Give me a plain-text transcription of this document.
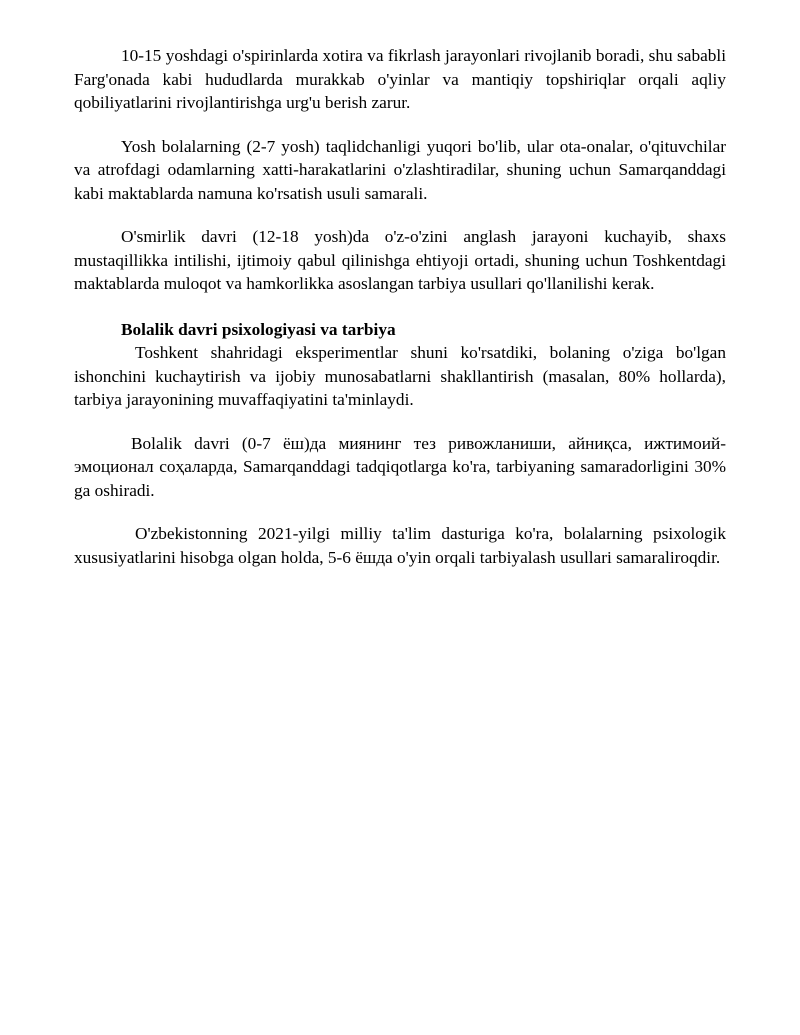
10-15 yoshdagi o'spirinlarda xotira va fikrlash jarayonlari rivojlanib boradi, shu sababli Farg'onada kabi hududlarda murakkab o'yinlar va mantiqiy topshiriqlar orqali aqliy qobiliyatlarini rivojlantirishga urg'u berish zarur.

Yosh bolalarning (2-7 yosh) taqlidchanligi yuqori bo'lib, ular ota-onalar, o'qituvchilar va atrofdagi odamlarning xatti-harakatlarini o'zlashtiradilar, shuning uchun Samarqanddagi kabi maktablarda namuna ko'rsatish usuli samarali.

O'smirlik davri (12-18 yosh)da o'z-o'zini anglash jarayoni kuchayib, shaxs mustaqillikka intilishi, ijtimoiy qabul qilinishga ehtiyoji ortadi, shuning uchun Toshkentdagi maktablarda muloqot va hamkorlikka asoslangan tarbiya usullari qo'llanilishi kerak.

Bolalik davri psixologiyasi va tarbiya

Toshkent shahridagi eksperimentlar shuni ko'rsatdiki, bolaning o'ziga bo'lgan ishonchini kuchaytirish va ijobiy munosabatlarni shakllantirish (masalan, 80% hollarda), tarbiya jarayonining muvaffaqiyatini ta'minlaydi.

Bolalik davri (0-7 ёш)да миянинг тез ривожланиши, айниқса, ижтимоий-эмоционал соҳаларда, Samarqanddagi tadqiqotlarga ko'ra, tarbiyaning samaradorligini 30% ga oshiradi.

O'zbekistonning 2021-yilgi milliy ta'lim dasturiga ko'ra, bolalarning psixologik xususiyatlarini hisobga olgan holda, 5-6 ёшда o'yin orqali tarbiyalash usullari samaraliroqdir.
